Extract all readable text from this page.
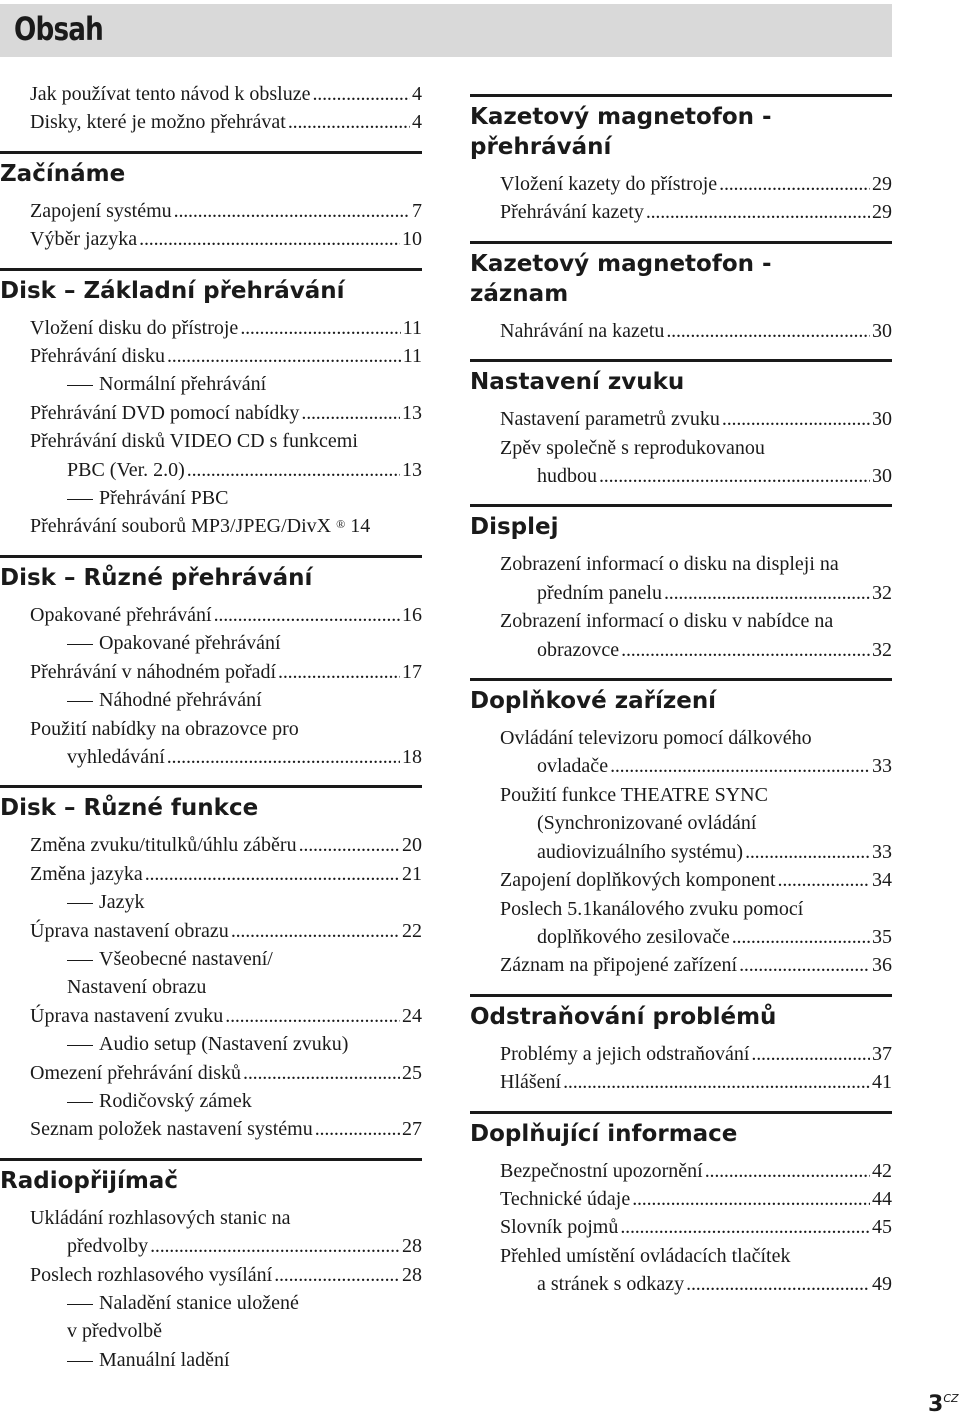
Obsah
Jak používat tento návod k obsluze . . .	4
Disky, které je možno přehrávat . . .	4
Začínáme
Zapojení systému . . .	7
Výběr jazyka . . .	10
Disk – Základní přehrávání
Vložení disku do přístroje . . .	11
Přehrávání disku . . .	11
Normální přehrávání
Přehrávání DVD pomocí nabídky . . .	13
Přehrávání disků VIDEO CD s funkcemi
PBC (Ver. 2.0) . . .	13
Přehrávání PBC
Přehrávání souborů MP3/JPEG/DivX ® 14
Disk – Různé přehrávání
Opakované přehrávání . . .	16
Opakované přehrávání
Přehrávání v náhodném pořadí . . .	17
Náhodné přehrávání
Použití nabídky na obrazovce pro
vyhledávání . . .	18
Disk – Různé funkce
Změna zvuku/titulků/úhlu záběru . . .	20
Změna jazyka . . .	21
Jazyk
Úprava nastavení obrazu . . .	22
Všeobecné nastavení/
Nastavení obrazu
Úprava nastavení zvuku . . .	24
Audio setup (Nastavení zvuku)
Omezení přehrávání disků . . .	25
Rodičovský zámek
Seznam položek nastavení systému . . .	27
Radiopřijímač
Ukládání rozhlasových stanic na
předvolby . . .	28
Poslech rozhlasového vysílání . . .	28
Naladění stanice uložené
v předvolbě
Manuální ladění
Kazetový magnetofon -
přehrávání
Vložení kazety do přístroje . . .	29
Přehrávání kazety . . .	29
Kazetový magnetofon -
záznam
Nahrávání na kazetu . . .	30
Nastavení zvuku
Nastavení parametrů zvuku . . .	30
Zpěv společně s reprodukovanou
hudbou . . .	30
Displej
Zobrazení informací o disku na displeji na
předním panelu . . .	32
Zobrazení informací o disku v nabídce na
obrazovce . . .	32
Doplňkové zařízení
Ovládání televizoru pomocí dálkového
ovladače . . .	33
Použití funkce THEATRE SYNC
(Synchronizované ovládání
audiovizuálního systému) . . .	33
Zapojení doplňkových komponent . . .	34
Poslech 5.1kanálového zvuku pomocí
doplňkového zesilovače . . .	35
Záznam na připojené zařízení . . .	36
Odstraňování problémů
Problémy a jejich odstraňování . . .	37
Hlášení . . .	41
Doplňující informace
Bezpečnostní upozornění . . .	42
Technické údaje . . .	44
Slovník pojmů . . .	45
Přehled umístění ovládacích tlačítek
a stránek s odkazy . . .	49
$3^{CZ}$
